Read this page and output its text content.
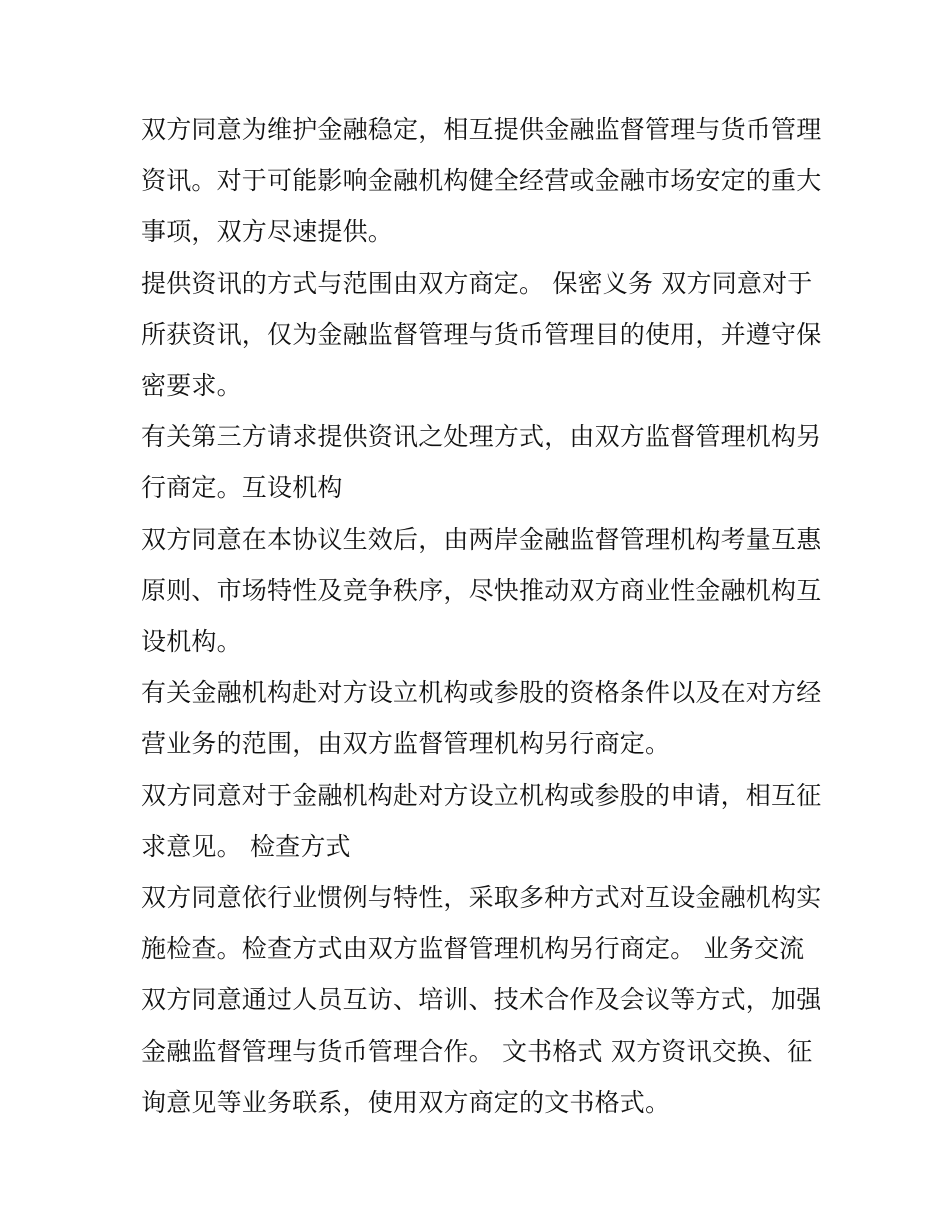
双方同意为维护金融稳定，相互提供金融监督管理与货币管理
资讯。对于可能影响金融机构健全经营或金融市场安定的重大
事项，双方尽速提供。
提供资讯的方式与范围由双方商定。 保密义务 双方同意对于
所获资讯，仅为金融监督管理与货币管理目的使用，并遵守保
密要求。
有关第三方请求提供资讯之处理方式，由双方监督管理机构另
行商定。互设机构
双方同意在本协议生效后，由两岸金融监督管理机构考量互惠
原则、市场特性及竞争秩序，尽快推动双方商业性金融机构互
设机构。
有关金融机构赴对方设立机构或参股的资格条件以及在对方经
营业务的范围，由双方监督管理机构另行商定。
双方同意对于金融机构赴对方设立机构或参股的申请，相互征
求意见。 检查方式
双方同意依行业惯例与特性，采取多种方式对互设金融机构实
施检查。检查方式由双方监督管理机构另行商定。 业务交流
双方同意通过人员互访、培训、技术合作及会议等方式，加强
金融监督管理与货币管理合作。 文书格式 双方资讯交换、征
询意见等业务联系，使用双方商定的文书格式。
